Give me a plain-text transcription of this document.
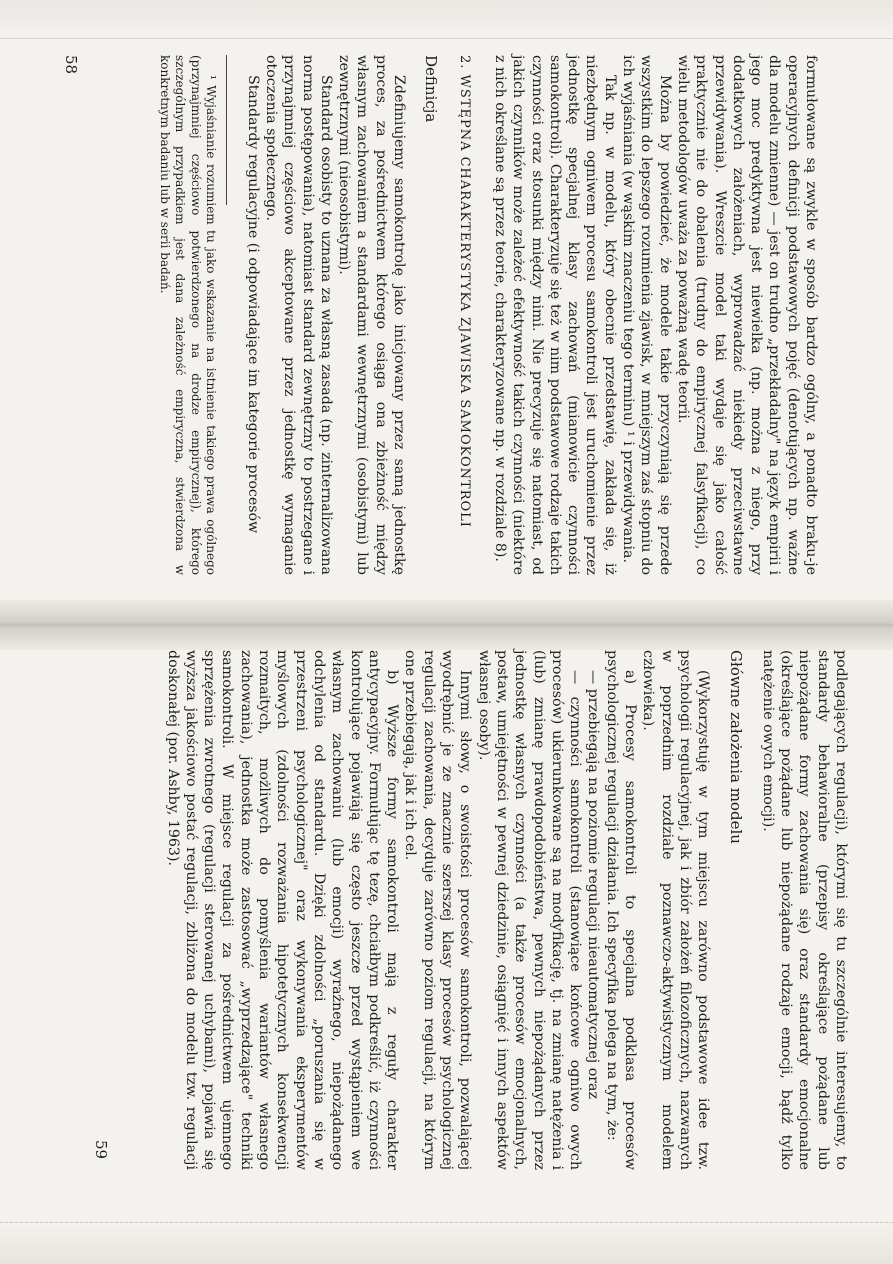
formułowane są zwykle w sposób bardzo ogólny, a ponadto braku-je operacyjnych definicji podstawowych pojęć (denotujących np. ważne dla modelu zmienne) — jest on trudno „przekładalny" na język empirii i jego moc predyktywna jest niewielka (np. można z niego, przy dodatkowych założeniach, wyprowadzać niekiedy przeciwstawne przewidywania). Wreszcie model taki wydaje się jako całość praktycznie nie do obalenia (trudny do empirycznej falsyfikacji), co wielu metodologów uważa za poważną wadę teorii.

Można by powiedzieć, że modele takie przyczyniają się przede wszystkim do lepszego rozumienia zjawisk, w mniejszym zaś stopniu do ich wyjaśniania (w wąskim znaczeniu tego terminu) ¹ i przewidywania.

Tak np. w modelu, który obecnie przedstawię, zakłada się, iż niezbędnym ogniwem procesu samokontroli jest uruchomienie przez jednostkę specjalnej klasy zachowań (mianowicie czynności samokontroli). Charakteryzuje się też w nim podstawowe rodzaje takich czynności oraz stosunki między nimi. Nie precyzuje się natomiast, od jakich czynników może zależeć efektywność takich czynności (niektóre z nich określane są przez teorie, charakteryzowane np. w rozdziale 8).

2. WSTĘPNA CHARAKTERYSTYKA ZJAWISKA SAMOKONTROLI
Definicja

Zdefiniujemy samokontrolę jako inicjowany przez samą jednostkę proces, za pośrednictwem którego osiąga ona zbieżność między własnym zachowaniem a standardami wewnętrznymi (osobistymi) lub zewnętrznymi (nieosobistymi).

Standard osobisty to uznana za własną zasada (np. zinternalizowana norma postępowania), natomiast standard zewnętrzny to postrzegane i przynajmniej częściowo akceptowane przez jednostkę wymaganie otoczenia społecznego.

Standardy regulacyjne (i odpowiadające im kategorie procesów

¹ Wyjaśnianie rozumiem tu jako wskazanie na istnienie takiego prawa ogólnego (przynajmniej częściowo potwierdzonego na drodze empirycznej), którego szczególnym przypadkiem jest dana zależność empiryczna, stwierdzona w konkretnym badaniu lub w serii badań.

58

podlegających regulacji), którymi się tu szczególnie interesujemy, to standardy behawioralne (przepisy określające pożądane lub niepożądane formy zachowania się) oraz standardy emocjonalne (określające pożądane lub niepożądane rodzaje emocji, bądź tylko natężenie owych emocji).

Główne założenia modelu

(Wykorzystuję w tym miejscu zarówno podstawowe idee tzw. psychologii regulacyjnej, jak i zbiór założeń filozoficznych, nazwanych w poprzednim rozdziale poznawczo-aktywistycznym modelem człowieka).

a) Procesy samokontroli to specjalna podklasa procesów psychologicznej regulacji działania. Ich specyfika polega na tym, że:

— przebiegają na poziomie regulacji nieautomatycznej oraz

— czynności samokontroli (stanowiące końcowe ogniwo owych procesów) ukierunkowane są na modyfikację, tj. na zmianę natężenia i (lub) zmianę prawdopodobieństwa, pewnych niepożądanych przez jednostkę własnych czynności (a także procesów emocjonalnych, postaw, umiejętności w pewnej dziedzinie, osiągnięć i innych aspektów własnej osoby).

Innymi słowy, o swoistości procesów samokontroli, pozwalającej wyodrębnić je ze znacznie szerszej klasy procesów psychologicznej regulacji zachowania, decyduje zarówno poziom regulacji, na którym one przebiegają, jak i ich cel.

b) Wyższe formy samokontroli mają z reguły charakter antycypacyjny. Formułując tę tezę, chciałbym podkreślić, iż czynności kontrolujące pojawiają się często jeszcze przed wystąpieniem we własnym zachowaniu (lub emocji) wyraźnego, niepożądanego odchylenia od standardu. Dzięki zdolności „poruszania się w przestrzeni psychologicznej" oraz wykonywania eksperymentów myślowych (zdolności rozważania hipotetycznych konsekwencji rozmaitych, możliwych do pomyślenia wariantów własnego zachowania), jednostka może zastosować „wyprzedzające" techniki samokontroli. W miejsce regulacji za pośrednictwem ujemnego sprzężenia zwrotnego (regulacji sterowanej uchybami), pojawia się wyższa jakościowo postać regulacji, zbliżona do modelu tzw. regulacji doskonałej (por. Ashby, 1963).

59
